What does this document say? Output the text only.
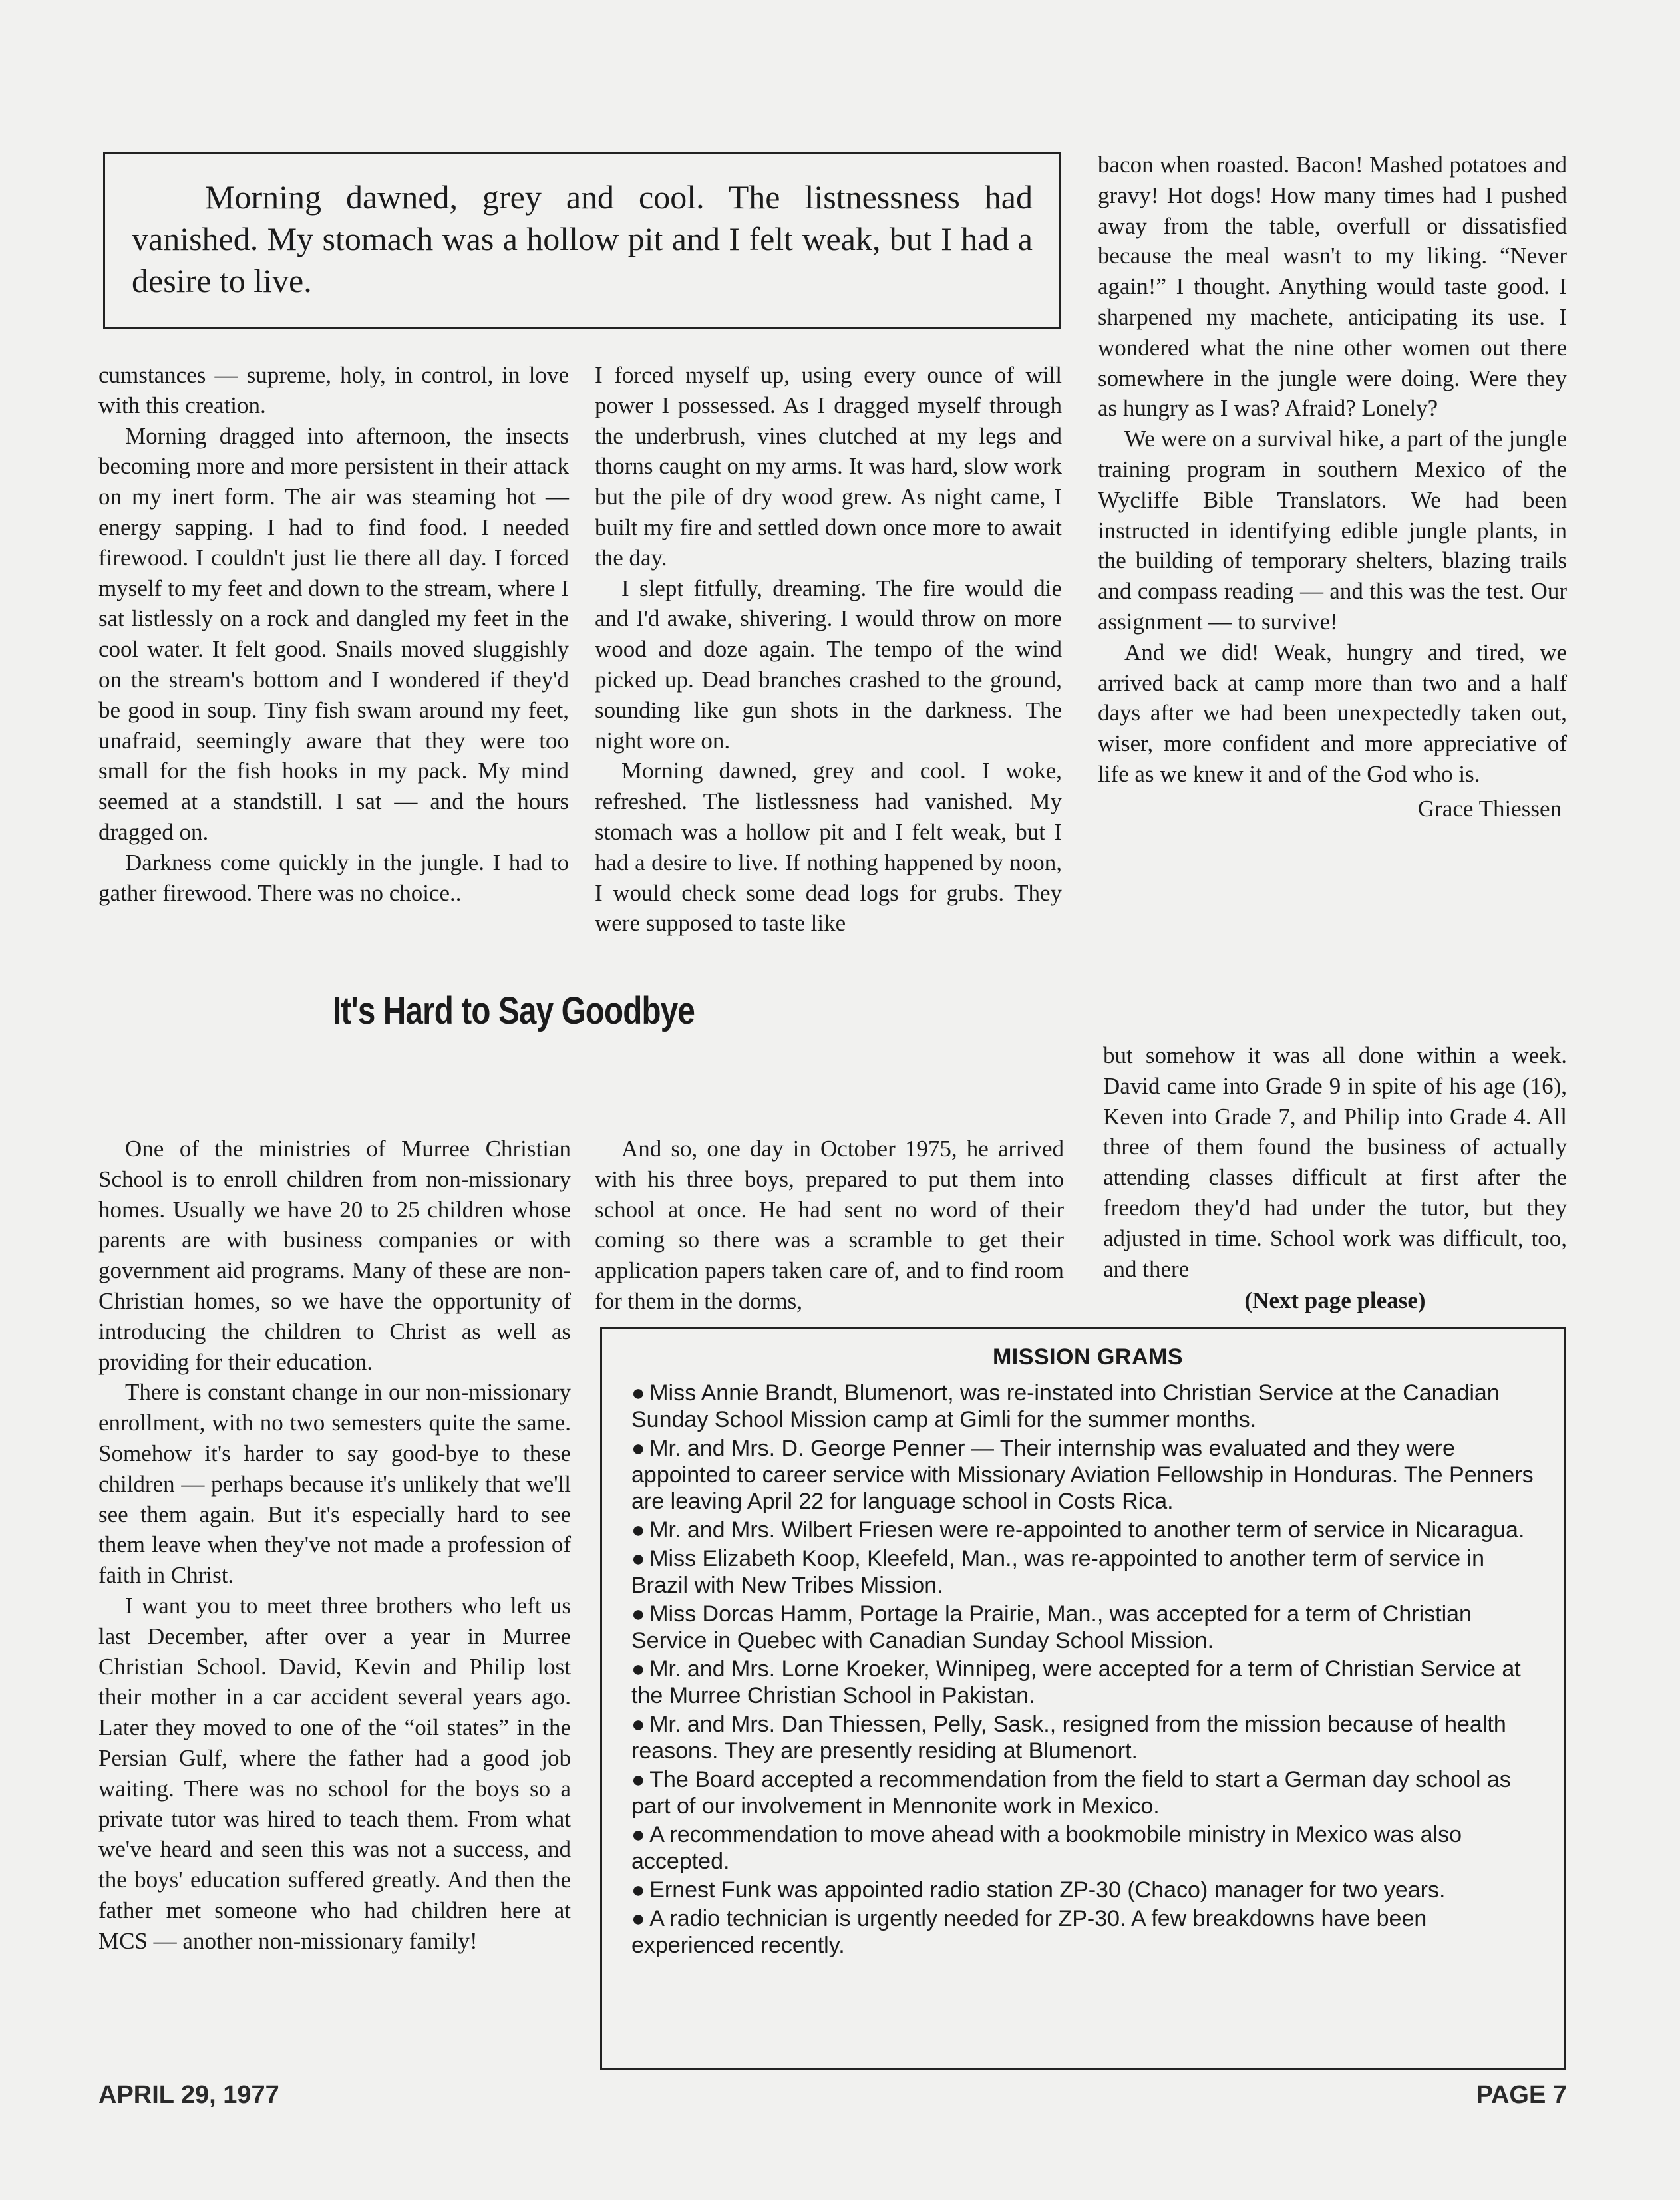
Morning dawned, grey and cool. The listnessness had vanished. My stomach was a hollow pit and I felt weak, but I had a desire to live.

cumstances — supreme, holy, in control, in love with this creation.

Morning dragged into afternoon, the insects becoming more and more persistent in their attack on my inert form. The air was steaming hot — energy sapping. I had to find food. I needed firewood. I couldn't just lie there all day. I forced myself to my feet and down to the stream, where I sat listlessly on a rock and dangled my feet in the cool water. It felt good. Snails moved sluggishly on the stream's bottom and I wondered if they'd be good in soup. Tiny fish swam around my feet, unafraid, seemingly aware that they were too small for the fish hooks in my pack. My mind seemed at a standstill. I sat — and the hours dragged on.

Darkness come quickly in the jungle. I had to gather firewood. There was no choice..

I forced myself up, using every ounce of will power I possessed. As I dragged myself through the underbrush, vines clutched at my legs and thorns caught on my arms. It was hard, slow work but the pile of dry wood grew. As night came, I built my fire and settled down once more to await the day.

I slept fitfully, dreaming. The fire would die and I'd awake, shivering. I would throw on more wood and doze again. The tempo of the wind picked up. Dead branches crashed to the ground, sounding like gun shots in the darkness. The night wore on.

Morning dawned, grey and cool. I woke, refreshed. The listlessness had vanished. My stomach was a hollow pit and I felt weak, but I had a desire to live. If nothing happened by noon, I would check some dead logs for grubs. They were supposed to taste like

bacon when roasted. Bacon! Mashed potatoes and gravy! Hot dogs! How many times had I pushed away from the table, overfull or dissatisfied because the meal wasn't to my liking. “Never again!” I thought. Anything would taste good. I sharpened my machete, anticipating its use. I wondered what the nine other women out there somewhere in the jungle were doing. Were they as hungry as I was? Afraid? Lonely?

We were on a survival hike, a part of the jungle training program in southern Mexico of the Wycliffe Bible Translators. We had been instructed in identifying edible jungle plants, in the building of temporary shelters, blazing trails and compass reading — and this was the test. Our assignment — to survive!

And we did! Weak, hungry and tired, we arrived back at camp more than two and a half days after we had been unexpectedly taken out, wiser, more confident and more appreciative of life as we knew it and of the God who is.

Grace Thiessen
It's Hard to Say Goodbye

One of the ministries of Murree Christian School is to enroll children from non-missionary homes. Usually we have 20 to 25 children whose parents are with business companies or with government aid programs. Many of these are non-Christian homes, so we have the opportunity of introducing the children to Christ as well as providing for their education.

There is constant change in our non-missionary enrollment, with no two semesters quite the same. Somehow it's harder to say good-bye to these children — perhaps because it's unlikely that we'll see them again. But it's especially hard to see them leave when they've not made a profession of faith in Christ.

I want you to meet three brothers who left us last December, after over a year in Murree Christian School. David, Kevin and Philip lost their mother in a car accident several years ago. Later they moved to one of the “oil states” in the Persian Gulf, where the father had a good job waiting. There was no school for the boys so a private tutor was hired to teach them. From what we've heard and seen this was not a success, and the boys' education suffered greatly. And then the father met someone who had children here at MCS — another non-missionary family!

And so, one day in October 1975, he arrived with his three boys, prepared to put them into school at once. He had sent no word of their coming so there was a scramble to get their application papers taken care of, and to find room for them in the dorms,

but somehow it was all done within a week. David came into Grade 9 in spite of his age (16), Keven into Grade 7, and Philip into Grade 4. All three of them found the business of actually attending classes difficult at first after the freedom they'd had under the tutor, but they adjusted in time. School work was difficult, too, and there

(Next page please)
MISSION GRAMS
● Miss Annie Brandt, Blumenort, was re-instated into Christian Service at the Canadian Sunday School Mission camp at Gimli for the summer months.
● Mr. and Mrs. D. George Penner — Their internship was evaluated and they were appointed to career service with Missionary Aviation Fellowship in Honduras. The Penners are leaving April 22 for language school in Costs Rica.
● Mr. and Mrs. Wilbert Friesen were re-appointed to another term of service in Nicaragua.
● Miss Elizabeth Koop, Kleefeld, Man., was re-appointed to another term of service in Brazil with New Tribes Mission.
● Miss Dorcas Hamm, Portage la Prairie, Man., was accepted for a term of Christian Service in Quebec with Canadian Sunday School Mission.
● Mr. and Mrs. Lorne Kroeker, Winnipeg, were accepted for a term of Christian Service at the Murree Christian School in Pakistan.
● Mr. and Mrs. Dan Thiessen, Pelly, Sask., resigned from the mission because of health reasons. They are presently residing at Blumenort.
● The Board accepted a recommendation from the field to start a German day school as part of our involvement in Mennonite work in Mexico.
● A recommendation to move ahead with a bookmobile ministry in Mexico was also accepted.
● Ernest Funk was appointed radio station ZP-30 (Chaco) manager for two years.
● A radio technician is urgently needed for ZP-30. A few breakdowns have been experienced recently.
APRIL 29, 1977	PAGE 7
